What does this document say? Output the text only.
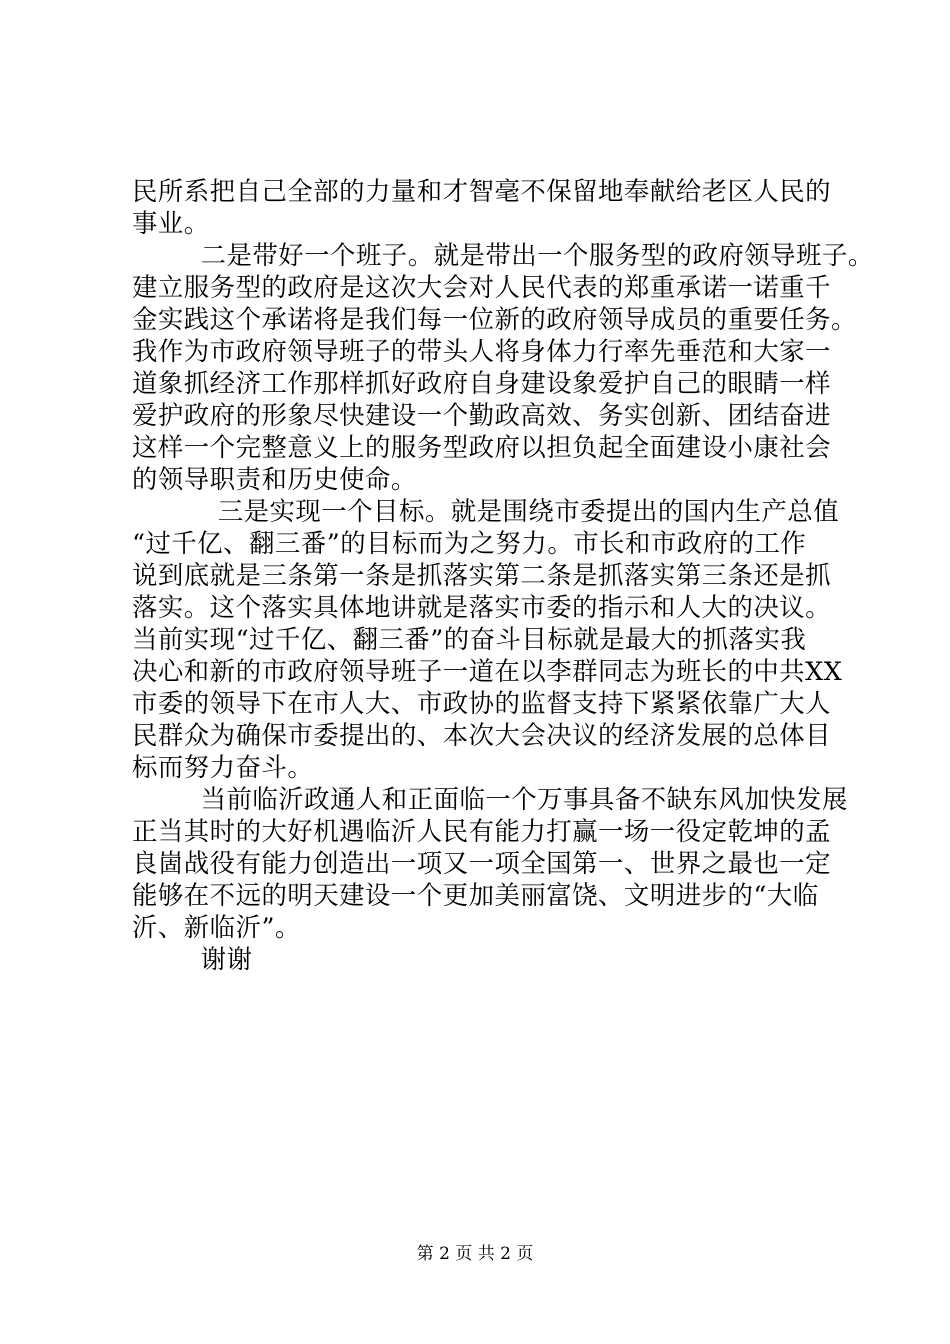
民所系把自己全部的力量和才智毫不保留地奉献给老区人民的
事业。
二是带好一个班子。就是带出一个服务型的政府领导班子。
建立服务型的政府是这次大会对人民代表的郑重承诺一诺重千
金实践这个承诺将是我们每一位新的政府领导成员的重要任务。
我作为市政府领导班子的带头人将身体力行率先垂范和大家一
道象抓经济工作那样抓好政府自身建设象爱护自己的眼睛一样
爱护政府的形象尽快建设一个勤政高效、务实创新、团结奋进
这样一个完整意义上的服务型政府以担负起全面建设小康社会
的领导职责和历史使命。
三是实现一个目标。就是围绕市委提出的国内生产总值
“过千亿、翻三番”的目标而为之努力。市长和市政府的工作
说到底就是三条第一条是抓落实第二条是抓落实第三条还是抓
落实。这个落实具体地讲就是落实市委的指示和人大的决议。
当前实现“过千亿、翻三番”的奋斗目标就是最大的抓落实我
决心和新的市政府领导班子一道在以李群同志为班长的中共XX
市委的领导下在市人大、市政协的监督支持下紧紧依靠广大人
民群众为确保市委提出的、本次大会决议的经济发展的总体目
标而努力奋斗。
当前临沂政通人和正面临一个万事具备不缺东风加快发展
正当其时的大好机遇临沂人民有能力打赢一场一役定乾坤的孟
良崮战役有能力创造出一项又一项全国第一、世界之最也一定
能够在不远的明天建设一个更加美丽富饶、文明进步的“大临
沂、新临沂”。
谢谢
第 2 页 共 2 页
